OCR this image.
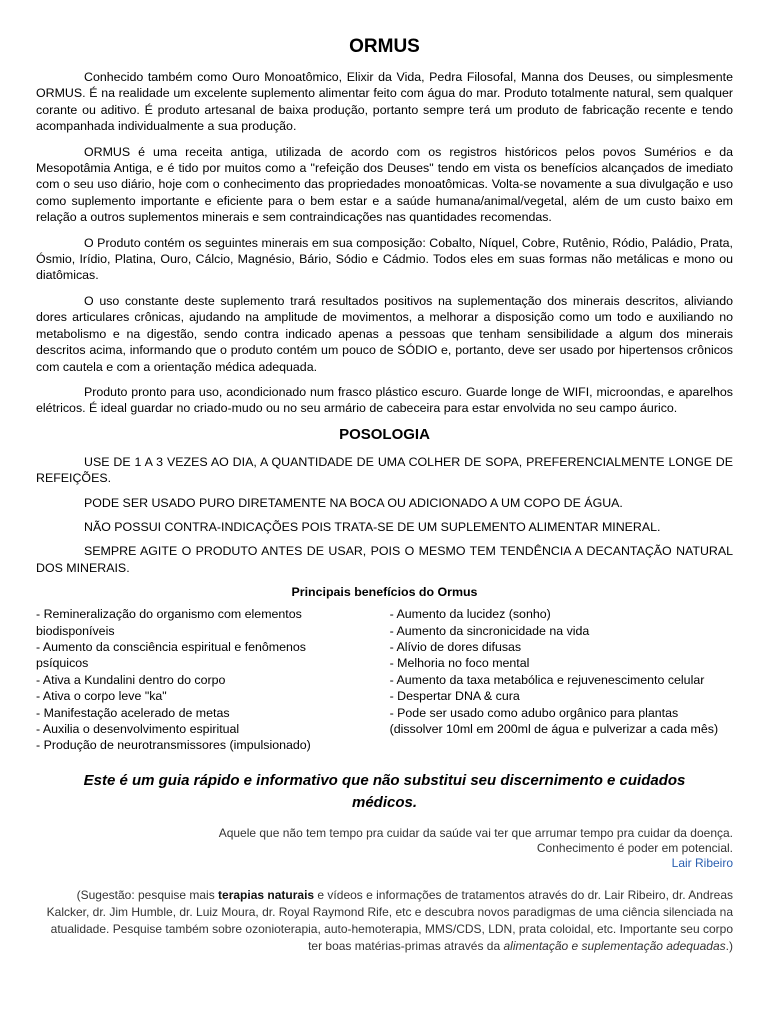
ORMUS

Conhecido também como Ouro Monoatômico, Elixir da Vida, Pedra Filosofal, Manna dos Deuses, ou simplesmente ORMUS. É na realidade um excelente suplemento alimentar feito com água do mar. Produto totalmente natural, sem qualquer corante ou aditivo. É produto artesanal de baixa produção, portanto sempre terá um produto de fabricação recente e tendo acompanhada individualmente a sua produção.

ORMUS é uma receita antiga, utilizada de acordo com os registros históricos pelos povos Sumérios e da Mesopotâmia Antiga, e é tido por muitos como a "refeição dos Deuses" tendo em vista os benefícios alcançados de imediato com o seu uso diário, hoje com o conhecimento das propriedades monoatômicas. Volta-se novamente a sua divulgação e uso como suplemento importante e eficiente para o bem estar e a saúde humana/animal/vegetal, além de um custo baixo em relação a outros suplementos minerais e sem contraindicações nas quantidades recomendas.

O Produto contém os seguintes minerais em sua composição: Cobalto, Níquel, Cobre, Rutênio, Ródio, Paládio, Prata, Ósmio, Irídio, Platina, Ouro, Cálcio, Magnésio, Bário, Sódio e Cádmio. Todos eles em suas formas não metálicas e mono ou diatômicas.

O uso constante deste suplemento trará resultados positivos na suplementação dos minerais descritos, aliviando dores articulares crônicas, ajudando na amplitude de movimentos, a melhorar a disposição como um todo e auxiliando no metabolismo e na digestão, sendo contra indicado apenas a pessoas que tenham sensibilidade a algum dos minerais descritos acima, informando que o produto contém um pouco de SÓDIO e, portanto, deve ser usado por hipertensos crônicos com cautela e com a orientação médica adequada.

Produto pronto para uso, acondicionado num frasco plástico escuro. Guarde longe de WIFI, microondas, e aparelhos elétricos. É ideal guardar no criado-mudo ou no seu armário de cabeceira para estar envolvida no seu campo áurico.

POSOLOGIA

USE DE 1 A 3 VEZES AO DIA, A QUANTIDADE DE UMA COLHER DE SOPA, PREFERENCIALMENTE LONGE DE REFEIÇÕES.

PODE SER USADO PURO DIRETAMENTE NA BOCA OU ADICIONADO A UM COPO DE ÁGUA.

NÃO POSSUI CONTRA-INDICAÇÕES POIS TRATA-SE DE UM SUPLEMENTO ALIMENTAR MINERAL.

SEMPRE AGITE O PRODUTO ANTES DE USAR, POIS O MESMO TEM TENDÊNCIA A DECANTAÇÃO NATURAL DOS MINERAIS.

Principais benefícios do Ormus

- Remineralização do organismo com elementos biodisponíveis

- Aumento da consciência espiritual e fenômenos psíquicos

- Ativa a Kundalini dentro do corpo

- Ativa o corpo leve "ka"

- Manifestação acelerado de metas

- Auxilia o desenvolvimento espiritual

- Produção de neurotransmissores (impulsionado)

- Aumento da lucidez (sonho)

- Aumento da sincronicidade na vida

- Alívio de dores difusas

- Melhoria no foco mental

- Aumento da taxa metabólica e rejuvenescimento celular

- Despertar DNA & cura

- Pode ser usado como adubo orgânico para plantas (dissolver 10ml em 200ml de água e pulverizar a cada mês)

Este é um guia rápido e informativo que não substitui seu discernimento e cuidados médicos.

Aquele que não tem tempo pra cuidar da saúde vai ter que arrumar tempo pra cuidar da doença.
Conhecimento é poder em potencial.
Lair Ribeiro

(Sugestão: pesquise mais terapias naturais e vídeos e informações de tratamentos através do dr. Lair Ribeiro, dr. Andreas Kalcker, dr. Jim Humble, dr. Luiz Moura, dr. Royal Raymond Rife, etc e descubra novos paradigmas de uma ciência silenciada na atualidade. Pesquise também sobre ozonioterapia, auto-hemoterapia, MMS/CDS, LDN, prata coloidal, etc. Importante seu corpo ter boas matérias-primas através da alimentação e suplementação adequadas.)
